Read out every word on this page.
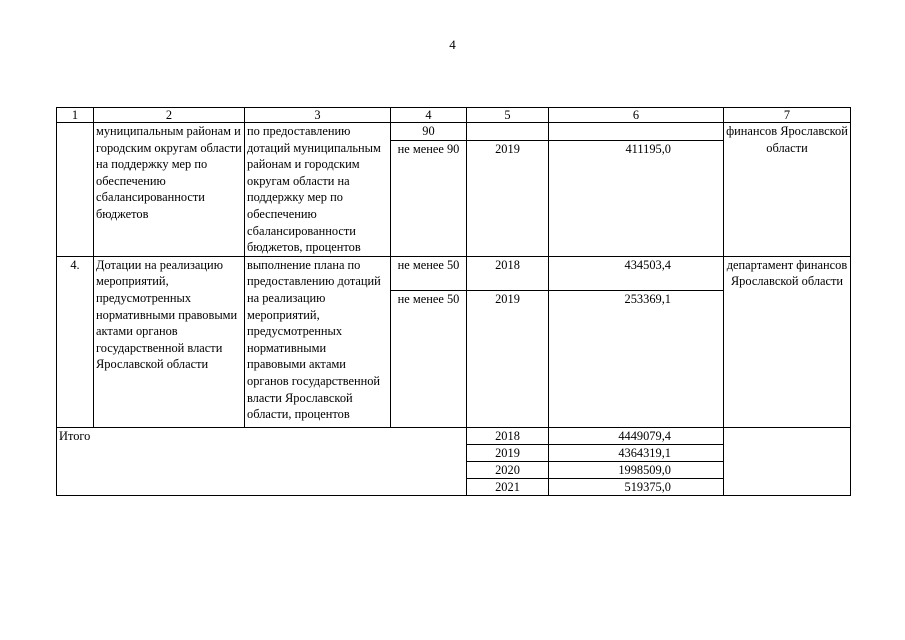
4
1	2	3	4	5	6	7
	муниципальным районам и городским округам области на поддержку мер по обеспечению сбалансированности бюджетов	по предоставлению дотаций муниципальным районам и городским округам области на поддержку мер по обеспечению сбалансированности бюджетов, процентов	90			финансов Ярославской области
			не менее 90	2019	411195,0	
4.	Дотации на реализацию мероприятий, предусмотренных нормативными правовыми актами органов государственной власти Ярославской области	выполнение плана по предоставлению дотаций на реализацию мероприятий, предусмотренных нормативными правовыми актами органов государственной власти Ярославской области, процентов	не менее 50	2018	434503,4	департамент финансов Ярославской области
			не менее 50	2019	253369,1	
Итого				2018	4449079,4	
				2019	4364319,1	
				2020	1998509,0	
				2021	519375,0	
